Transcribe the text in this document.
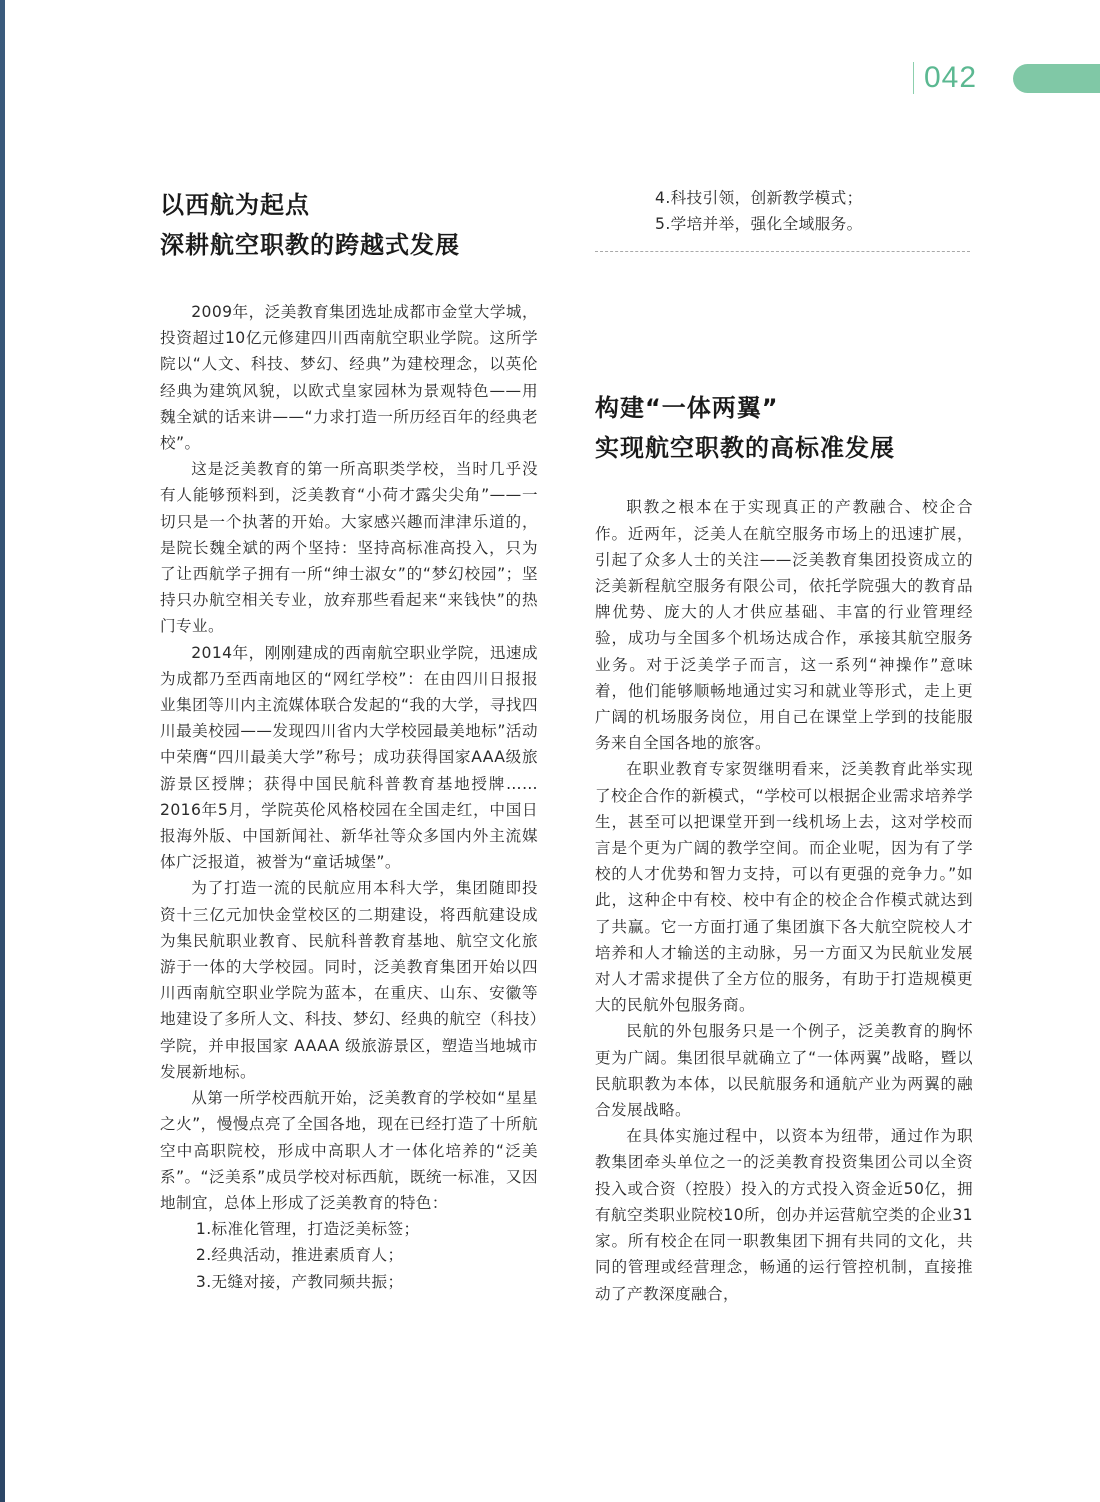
042
以西航为起点
深耕航空职教的跨越式发展

2009年，泛美教育集团选址成都市金堂大学城，投资超过10亿元修建四川西南航空职业学院。这所学院以“人文、科技、梦幻、经典”为建校理念，以英伦经典为建筑风貌，以欧式皇家园林为景观特色——用魏全斌的话来讲——“力求打造一所历经百年的经典老校”。

这是泛美教育的第一所高职类学校，当时几乎没有人能够预料到，泛美教育“小荷才露尖尖角”——一切只是一个执著的开始。大家感兴趣而津津乐道的，是院长魏全斌的两个坚持：坚持高标准高投入，只为了让西航学子拥有一所“绅士淑女”的“梦幻校园”；坚持只办航空相关专业，放弃那些看起来“来钱快”的热门专业。

2014年，刚刚建成的西南航空职业学院，迅速成为成都乃至西南地区的“网红学校”：在由四川日报报业集团等川内主流媒体联合发起的“我的大学，寻找四川最美校园——发现四川省内大学校园最美地标”活动中荣膺“四川最美大学”称号；成功获得国家AAA级旅游景区授牌；获得中国民航科普教育基地授牌……2016年5月，学院英伦风格校园在全国走红，中国日报海外版、中国新闻社、新华社等众多国内外主流媒体广泛报道，被誉为“童话城堡”。

为了打造一流的民航应用本科大学，集团随即投资十三亿元加快金堂校区的二期建设，将西航建设成为集民航职业教育、民航科普教育基地、航空文化旅游于一体的大学校园。同时，泛美教育集团开始以四川西南航空职业学院为蓝本，在重庆、山东、安徽等地建设了多所人文、科技、梦幻、经典的航空（科技）学院，并申报国家 AAAA 级旅游景区，塑造当地城市发展新地标。

从第一所学校西航开始，泛美教育的学校如“星星之火”，慢慢点亮了全国各地，现在已经打造了十所航空中高职院校，形成中高职人才一体化培养的“泛美系”。“泛美系”成员学校对标西航，既统一标准，又因地制宜，总体上形成了泛美教育的特色：

1.标准化管理，打造泛美标签；

2.经典活动，推进素质育人；

3.无缝对接，产教同频共振；

4.科技引领，创新教学模式；

5.学培并举，强化全域服务。

构建“一体两翼”
实现航空职教的高标准发展

职教之根本在于实现真正的产教融合、校企合作。近两年，泛美人在航空服务市场上的迅速扩展，引起了众多人士的关注——泛美教育集团投资成立的泛美新程航空服务有限公司，依托学院强大的教育品牌优势、庞大的人才供应基础、丰富的行业管理经验，成功与全国多个机场达成合作，承接其航空服务业务。对于泛美学子而言，这一系列“神操作”意味着，他们能够顺畅地通过实习和就业等形式，走上更广阔的机场服务岗位，用自己在课堂上学到的技能服务来自全国各地的旅客。

在职业教育专家贺继明看来，泛美教育此举实现了校企合作的新模式，“学校可以根据企业需求培养学生，甚至可以把课堂开到一线机场上去，这对学校而言是个更为广阔的教学空间。而企业呢，因为有了学校的人才优势和智力支持，可以有更强的竞争力。”如此，这种企中有校、校中有企的校企合作模式就达到了共赢。它一方面打通了集团旗下各大航空院校人才培养和人才输送的主动脉，另一方面又为民航业发展对人才需求提供了全方位的服务，有助于打造规模更大的民航外包服务商。

民航的外包服务只是一个例子，泛美教育的胸怀更为广阔。集团很早就确立了“一体两翼”战略，暨以民航职教为本体，以民航服务和通航产业为两翼的融合发展战略。

在具体实施过程中，以资本为纽带，通过作为职教集团牵头单位之一的泛美教育投资集团公司以全资投入或合资（控股）投入的方式投入资金近50亿，拥有航空类职业院校10所，创办并运营航空类的企业31家。所有校企在同一职教集团下拥有共同的文化，共同的管理或经营理念，畅通的运行管控机制，直接推动了产教深度融合，
